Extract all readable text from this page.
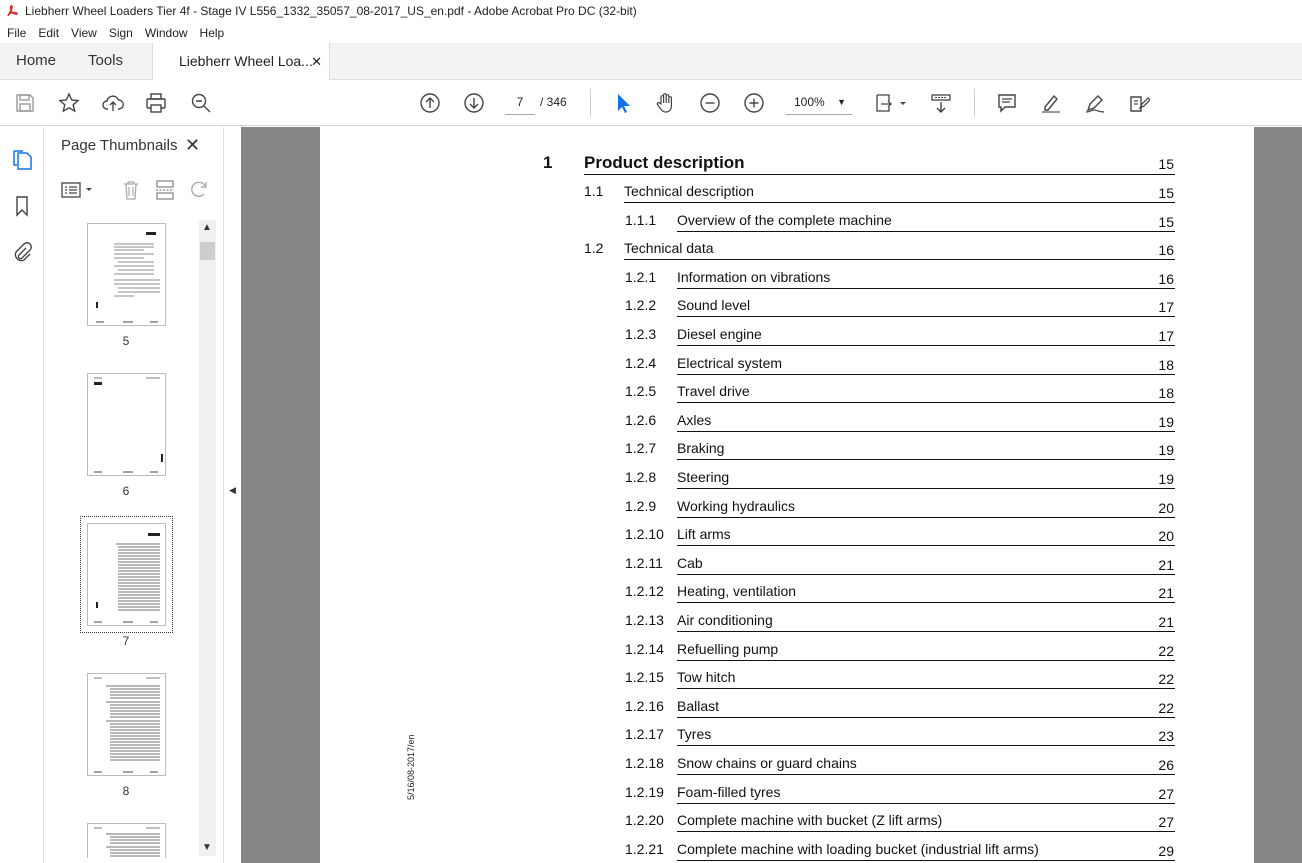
Liebherr Wheel Loaders Tier 4f - Stage IV L556_1332_35057_08-2017_US_en.pdf - Adobe Acrobat Pro DC (32-bit)
File	Edit	View	Sign	Window	Help
Home Tools	Liebherr Wheel Loa...
✕
7	/ 346	100% ▼
Page Thumbnails ✕
5
6
7
8
▲
▼
◀
1 Product description	15
1.1 Technical description	15
1.1.1 Overview of the complete machine	15
1.2 Technical data	16
1.2.1 Information on vibrations	16
1.2.2 Sound level	17
1.2.3 Diesel engine	17
1.2.4 Electrical system	18
1.2.5 Travel drive	18
1.2.6 Axles	19
1.2.7 Braking	19
1.2.8 Steering	19
1.2.9 Working hydraulics	20
1.2.10 Lift arms	20
1.2.11 Cab	21
1.2.12 Heating, ventilation	21
1.2.13 Air conditioning	21
1.2.14 Refuelling pump	22
1.2.15 Tow hitch	22
1.2.16 Ballast	22
1.2.17 Tyres	23
1.2.18 Snow chains or guard chains	26
1.2.19 Foam-filled tyres	27
1.2.20 Complete machine with bucket (Z lift arms)	27
1.2.21 Complete machine with loading bucket (industrial lift arms)	29
5/16/08-2017/en
